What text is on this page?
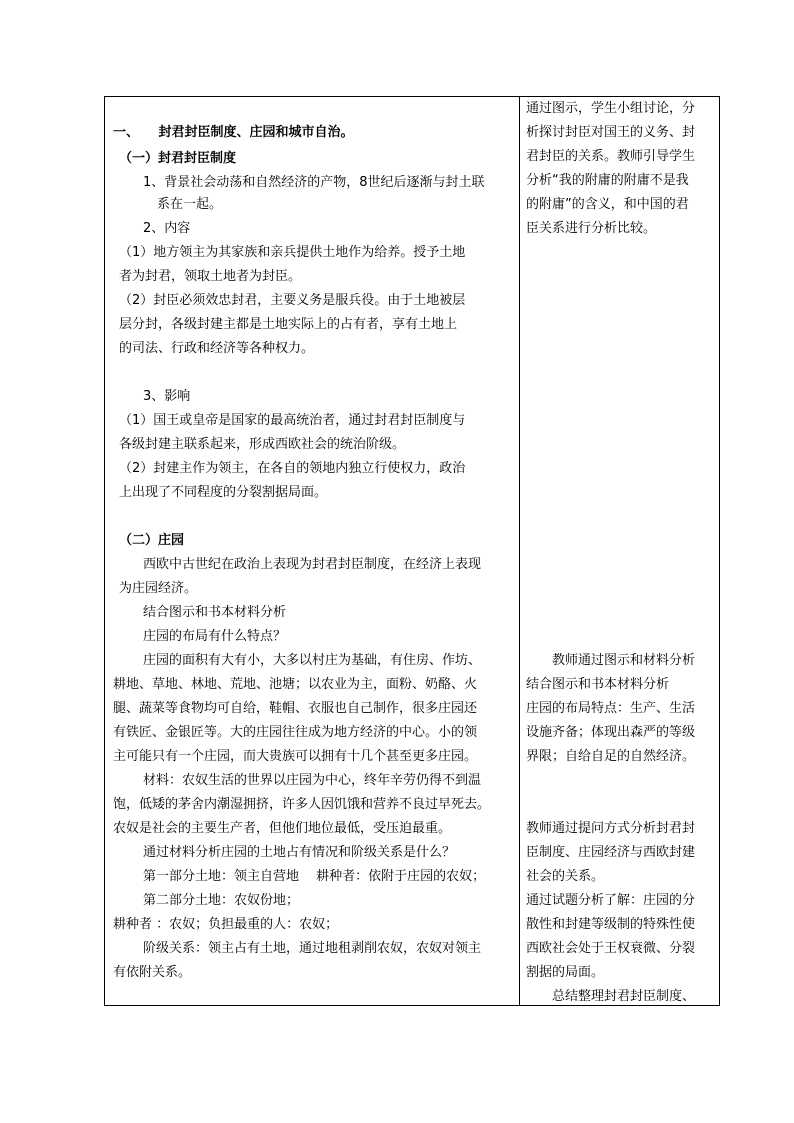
一、　　封君封臣制度、庄园和城市自治。
（一）封君封臣制度
1、背景社会动荡和自然经济的产物，8世纪后逐渐与封土联
系在一起。
2、内容
（1）地方领主为其家族和亲兵提供土地作为给养。授予土地
者为封君，领取土地者为封臣。
（2）封臣必须效忠封君，主要义务是服兵役。由于土地被层
层分封，各级封建主都是土地实际上的占有者，享有土地上
的司法、行政和经济等各种权力。
3、影响
（1）国王或皇帝是国家的最高统治者，通过封君封臣制度与
各级封建主联系起来，形成西欧社会的统治阶级。
（2）封建主作为领主，在各自的领地内独立行使权力，政治
上出现了不同程度的分裂割据局面。
（二）庄园
西欧中古世纪在政治上表现为封君封臣制度，在经济上表现
为庄园经济。
结合图示和书本材料分析
庄园的布局有什么特点？
庄园的面积有大有小，大多以村庄为基础，有住房、作坊、
耕地、草地、林地、荒地、池塘；以农业为主，面粉、奶酪、火
腿、蔬菜等食物均可自给，鞋帽、衣服也自己制作，很多庄园还
有铁匠、金银匠等。大的庄园往往成为地方经济的中心。小的领
主可能只有一个庄园，而大贵族可以拥有十几个甚至更多庄园。
材料：农奴生活的世界以庄园为中心，终年辛劳仍得不到温
饱，低矮的茅舍内潮湿拥挤，许多人因饥饿和营养不良过早死去。
农奴是社会的主要生产者，但他们地位最低，受压迫最重。
通过材料分析庄园的土地占有情况和阶级关系是什么？
第一部分土地：领主自营地　 耕种者：依附于庄园的农奴；
第二部分土地：农奴份地；
耕种者 ：农奴；负担最重的人：农奴；
阶级关系：领主占有土地，通过地租剥削农奴，农奴对领主
有依附关系。
通过图示，学生小组讨论，分
析探讨封臣对国王的义务、封
君封臣的关系。教师引导学生
分析“我的附庸的附庸不是我
的附庸”的含义，和中国的君
臣关系进行分析比较。
教师通过图示和材料分析
结合图示和书本材料分析
庄园的布局特点：生产、生活
设施齐备；体现出森严的等级
界限；自给自足的自然经济。
教师通过提问方式分析封君封
臣制度、庄园经济与西欧封建
社会的关系。
通过试题分析了解：庄园的分
散性和封建等级制的特殊性使
西欧社会处于王权衰微、分裂
割据的局面。
总结整理封君封臣制度、
